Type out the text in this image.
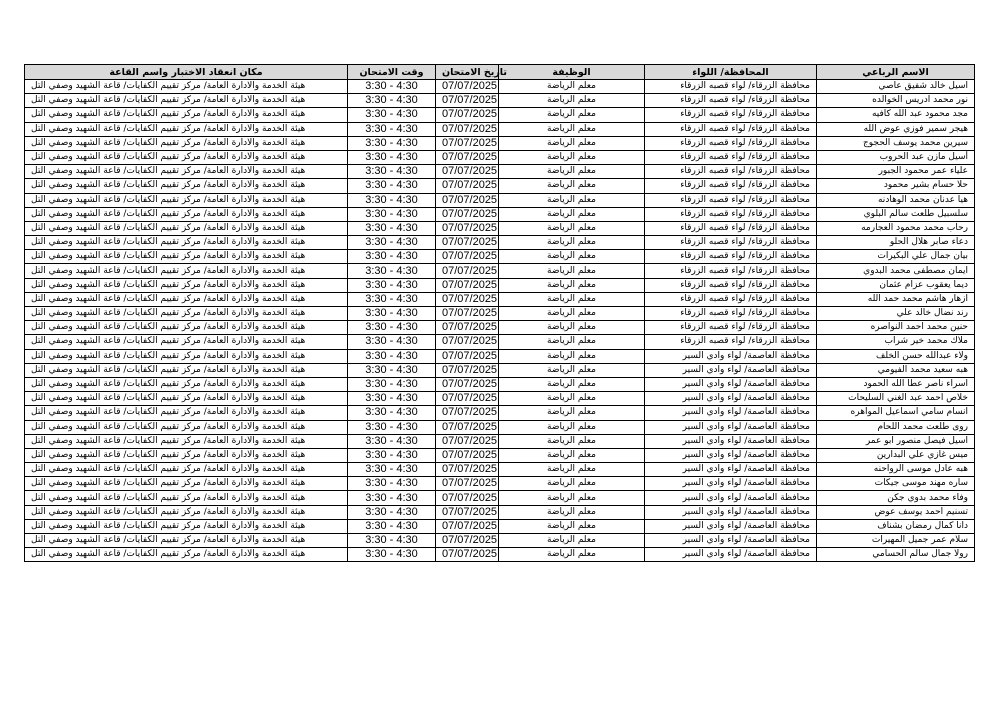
مكان انعقاد الاختبار واسم القاعة	وقت الامتحان	تاريخ الامتحان	الوظيفة	المحافظة/ اللواء	الاسم الرباعي
هيئة الخدمة والادارة العامة/ مركز تقييم الكفايات/ قاعة الشهيد وصفي التل	3:30 - 4:30	07/07/2025	معلم الرياضة	محافظة الزرقاء/ لواء قصبه الزرقاء	اسيل خالد شفيق عاصي
هيئة الخدمة والادارة العامة/ مركز تقييم الكفايات/ قاعة الشهيد وصفي التل	3:30 - 4:30	07/07/2025	معلم الرياضة	محافظة الزرقاء/ لواء قصبه الزرقاء	نور محمد ادريس الخوالده
هيئة الخدمة والادارة العامة/ مركز تقييم الكفايات/ قاعة الشهيد وصفي التل	3:30 - 4:30	07/07/2025	معلم الرياضة	محافظة الزرقاء/ لواء قصبه الزرقاء	مجد محمود عبد الله كافيه
هيئة الخدمة والادارة العامة/ مركز تقييم الكفايات/ قاعة الشهيد وصفي التل	3:30 - 4:30	07/07/2025	معلم الرياضة	محافظة الزرقاء/ لواء قصبه الزرقاء	هيجر سمير فوزي عوض الله
هيئة الخدمة والادارة العامة/ مركز تقييم الكفايات/ قاعة الشهيد وصفي التل	3:30 - 4:30	07/07/2025	معلم الرياضة	محافظة الزرقاء/ لواء قصبه الزرقاء	سيرين محمد يوسف الحجوج
هيئة الخدمة والادارة العامة/ مركز تقييم الكفايات/ قاعة الشهيد وصفي التل	3:30 - 4:30	07/07/2025	معلم الرياضة	محافظة الزرقاء/ لواء قصبه الزرقاء	أسيل مازن عبد الحروب
هيئة الخدمة والادارة العامة/ مركز تقييم الكفايات/ قاعة الشهيد وصفي التل	3:30 - 4:30	07/07/2025	معلم الرياضة	محافظة الزرقاء/ لواء قصبه الزرقاء	علياء عمر محمود الجبور
هيئة الخدمة والادارة العامة/ مركز تقييم الكفايات/ قاعة الشهيد وصفي التل	3:30 - 4:30	07/07/2025	معلم الرياضة	محافظة الزرقاء/ لواء قصبه الزرقاء	حلا حسام بشير محمود
هيئة الخدمة والادارة العامة/ مركز تقييم الكفايات/ قاعة الشهيد وصفي التل	3:30 - 4:30	07/07/2025	معلم الرياضة	محافظة الزرقاء/ لواء قصبه الزرقاء	هيا عدنان محمد الوهادنه
هيئة الخدمة والادارة العامة/ مركز تقييم الكفايات/ قاعة الشهيد وصفي التل	3:30 - 4:30	07/07/2025	معلم الرياضة	محافظة الزرقاء/ لواء قصبه الزرقاء	سلسبيل طلعت سالم البلوي
هيئة الخدمة والادارة العامة/ مركز تقييم الكفايات/ قاعة الشهيد وصفي التل	3:30 - 4:30	07/07/2025	معلم الرياضة	محافظة الزرقاء/ لواء قصبه الزرقاء	رحاب محمد محمود العجارمه
هيئة الخدمة والادارة العامة/ مركز تقييم الكفايات/ قاعة الشهيد وصفي التل	3:30 - 4:30	07/07/2025	معلم الرياضة	محافظة الزرقاء/ لواء قصبه الزرقاء	دعاء صابر هلال الحلو
هيئة الخدمة والادارة العامة/ مركز تقييم الكفايات/ قاعة الشهيد وصفي التل	3:30 - 4:30	07/07/2025	معلم الرياضة	محافظة الزرقاء/ لواء قصبه الزرقاء	بيان جمال علي البكيرات
هيئة الخدمة والادارة العامة/ مركز تقييم الكفايات/ قاعة الشهيد وصفي التل	3:30 - 4:30	07/07/2025	معلم الرياضة	محافظة الزرقاء/ لواء قصبه الزرقاء	ايمان مصطفى محمد البدوي
هيئة الخدمة والادارة العامة/ مركز تقييم الكفايات/ قاعة الشهيد وصفي التل	3:30 - 4:30	07/07/2025	معلم الرياضة	محافظة الزرقاء/ لواء قصبه الزرقاء	ديما يعقوب عزام عثمان
هيئة الخدمة والادارة العامة/ مركز تقييم الكفايات/ قاعة الشهيد وصفي التل	3:30 - 4:30	07/07/2025	معلم الرياضة	محافظة الزرقاء/ لواء قصبه الزرقاء	ازهار هاشم محمد حمد الله
هيئة الخدمة والادارة العامة/ مركز تقييم الكفايات/ قاعة الشهيد وصفي التل	3:30 - 4:30	07/07/2025	معلم الرياضة	محافظة الزرقاء/ لواء قصبه الزرقاء	رند نضال خالد علي
هيئة الخدمة والادارة العامة/ مركز تقييم الكفايات/ قاعة الشهيد وصفي التل	3:30 - 4:30	07/07/2025	معلم الرياضة	محافظة الزرقاء/ لواء قصبه الزرقاء	حنين محمد احمد النواصره
هيئة الخدمة والادارة العامة/ مركز تقييم الكفايات/ قاعة الشهيد وصفي التل	3:30 - 4:30	07/07/2025	معلم الرياضة	محافظة الزرقاء/ لواء قصبه الزرقاء	ملاك محمد خير شراب
هيئة الخدمة والادارة العامة/ مركز تقييم الكفايات/ قاعة الشهيد وصفي التل	3:30 - 4:30	07/07/2025	معلم الرياضة	محافظة العاصمة/ لواء وادي السير	ولاء عبدالله حسن الخلف
هيئة الخدمة والادارة العامة/ مركز تقييم الكفايات/ قاعة الشهيد وصفي التل	3:30 - 4:30	07/07/2025	معلم الرياضة	محافظة العاصمة/ لواء وادي السير	هبه سعيد محمد الفيومي
هيئة الخدمة والادارة العامة/ مركز تقييم الكفايات/ قاعة الشهيد وصفي التل	3:30 - 4:30	07/07/2025	معلم الرياضة	محافظة العاصمة/ لواء وادي السير	اسراء ناصر عطا الله الحمود
هيئة الخدمة والادارة العامة/ مركز تقييم الكفايات/ قاعة الشهيد وصفي التل	3:30 - 4:30	07/07/2025	معلم الرياضة	محافظة العاصمة/ لواء وادي السير	خلاص احمد عبد الغني السليحات
هيئة الخدمة والادارة العامة/ مركز تقييم الكفايات/ قاعة الشهيد وصفي التل	3:30 - 4:30	07/07/2025	معلم الرياضة	محافظة العاصمة/ لواء وادي السير	انسام سامي اسماعيل المواهره
هيئة الخدمة والادارة العامة/ مركز تقييم الكفايات/ قاعة الشهيد وصفي التل	3:30 - 4:30	07/07/2025	معلم الرياضة	محافظة العاصمة/ لواء وادي السير	روى طلعت محمد اللحام
هيئة الخدمة والادارة العامة/ مركز تقييم الكفايات/ قاعة الشهيد وصفي التل	3:30 - 4:30	07/07/2025	معلم الرياضة	محافظة العاصمة/ لواء وادي السير	اسيل فيصل منصور ابو عمر
هيئة الخدمة والادارة العامة/ مركز تقييم الكفايات/ قاعة الشهيد وصفي التل	3:30 - 4:30	07/07/2025	معلم الرياضة	محافظة العاصمة/ لواء وادي السير	ميس غازي علي البدارين
هيئة الخدمة والادارة العامة/ مركز تقييم الكفايات/ قاعة الشهيد وصفي التل	3:30 - 4:30	07/07/2025	معلم الرياضة	محافظة العاصمة/ لواء وادي السير	هبه عادل موسى الرواحنه
هيئة الخدمة والادارة العامة/ مركز تقييم الكفايات/ قاعة الشهيد وصفي التل	3:30 - 4:30	07/07/2025	معلم الرياضة	محافظة العاصمة/ لواء وادي السير	ساره مهند موسى جيكات
هيئة الخدمة والادارة العامة/ مركز تقييم الكفايات/ قاعة الشهيد وصفي التل	3:30 - 4:30	07/07/2025	معلم الرياضة	محافظة العاصمة/ لواء وادي السير	وفاء محمد بدوي جكن
هيئة الخدمة والادارة العامة/ مركز تقييم الكفايات/ قاعة الشهيد وصفي التل	3:30 - 4:30	07/07/2025	معلم الرياضة	محافظة العاصمة/ لواء وادي السير	تسنيم احمد يوسف عوض
هيئة الخدمة والادارة العامة/ مركز تقييم الكفايات/ قاعة الشهيد وصفي التل	3:30 - 4:30	07/07/2025	معلم الرياضة	محافظة العاصمة/ لواء وادي السير	دانا كمال رمضان بشناف
هيئة الخدمة والادارة العامة/ مركز تقييم الكفايات/ قاعة الشهيد وصفي التل	3:30 - 4:30	07/07/2025	معلم الرياضة	محافظة العاصمة/ لواء وادي السير	سلام عمر جميل المهيرات
هيئة الخدمة والادارة العامة/ مركز تقييم الكفايات/ قاعة الشهيد وصفي التل	3:30 - 4:30	07/07/2025	معلم الرياضة	محافظة العاصمة/ لواء وادي السير	رولا جمال سالم الحسامي
